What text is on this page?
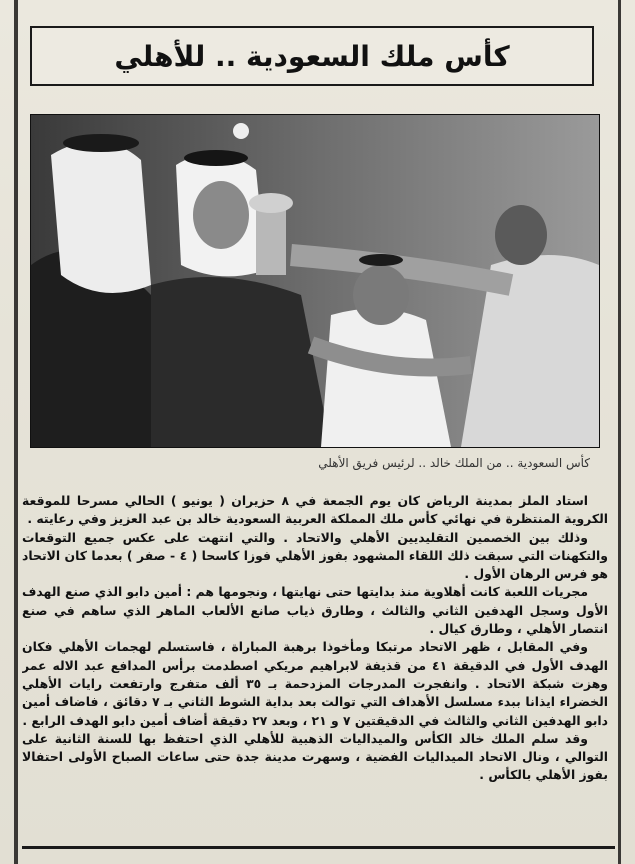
كأس ملك السعودية .. للأهلي
كأس السعودية .. من الملك خالد .. لرئيس فريق الأهلي

استاد الملز بمدينة الرياض كان يوم الجمعة في ٨ حزيران ( يونيو ) الحالي مسرحا للموقعة الكروية المنتظرة في نهائي كأس ملك المملكة العربية السعودية خالد بن عبد العزيز وفي رعايته .

وذلك بين الخصمين التقليديين الأهلي والاتحاد . والتي انتهت على عكس جميع التوقعات والتكهنات التي سبقت ذلك اللقاء المشهود بفوز الأهلي فوزا كاسحا ( ٤ - صفر ) بعدما كان الاتحاد هو فرس الرهان الأول .

مجريات اللعبة كانت أهلاوية منذ بدايتها حتى نهايتها ، ونجومها هم : أمين دابو الذي صنع الهدف الأول وسجل الهدفين الثاني والثالث ، وطارق ذياب صانع الألعاب الماهر الذي ساهم في صنع انتصار الأهلي ، وطارق كيال .

وفي المقابل ، ظهر الاتحاد مرتبكا ومأخوذا برهبة المباراة ، فاستسلم لهجمات الأهلي فكان الهدف الأول في الدقيقة ٤١ من قذيفة لابراهيم مريكي اصطدمت برأس المدافع عبد الاله عمر وهزت شبكة الاتحاد . وانفجرت المدرجات المزدحمة بـ ٣٥ ألف متفرج وارتفعت رايات الأهلي الخضراء ايذانا ببدء مسلسل الأهداف التي توالت بعد بداية الشوط الثاني بـ ٧ دقائق ، فاضاف أمين دابو الهدفين الثاني والثالث في الدقيقتين ٧ و ٢١ ، وبعد ٢٧ دقيقة أضاف أمين دابو الهدف الرابع .

وقد سلم الملك خالد الكأس والميداليات الذهبية للأهلي الذي احتفظ بها للسنة الثانية على التوالي ، ونال الاتحاد الميداليات الفضية ، وسهرت مدينة جدة حتى ساعات الصباح الأولى احتفالا بفوز الأهلي بالكأس .
